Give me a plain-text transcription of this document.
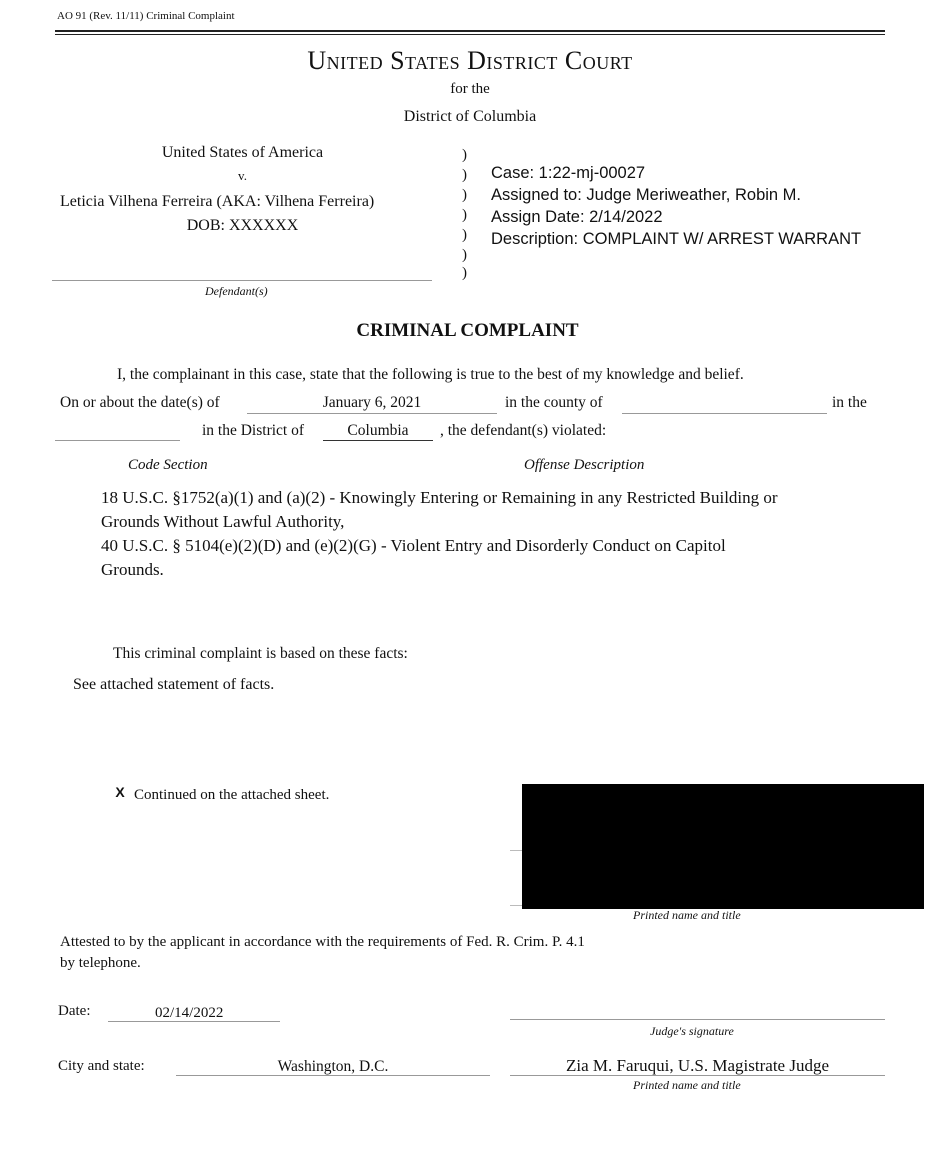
AO 91 (Rev. 11/11) Criminal Complaint
United States District Court
for the
District of Columbia
United States of America
v.
Leticia Vilhena Ferreira (AKA: Vilhena Ferreira)
DOB: XXXXXX
Defendant(s)
)
)
)
)
)
)
)
Case: 1:22-mj-00027
Assigned to: Judge Meriweather, Robin M.
Assign Date: 2/14/2022
Description: COMPLAINT W/ ARREST WARRANT
CRIMINAL COMPLAINT
I, the complainant in this case, state that the following is true to the best of my knowledge and belief.
On or about the date(s) of	January 6, 2021	in the county of	in the
in the District of	Columbia	, the defendant(s) violated:
Code Section	Offense Description
18 U.S.C. §1752(a)(1) and (a)(2) - Knowingly Entering or Remaining in any Restricted Building or
Grounds Without Lawful Authority,
40 U.S.C. § 5104(e)(2)(D) and (e)(2)(G) - Violent Entry and Disorderly Conduct on Capitol
Grounds.
This criminal complaint is based on these facts:
See attached statement of facts.
X Continued on the attached sheet.
Printed name and title
Attested to by the applicant in accordance with the requirements of Fed. R. Crim. P. 4.1
by telephone.
Date:	02/14/2022
Judge's signature
City and state:	Washington, D.C.	Zia M. Faruqui, U.S. Magistrate Judge
Printed name and title
